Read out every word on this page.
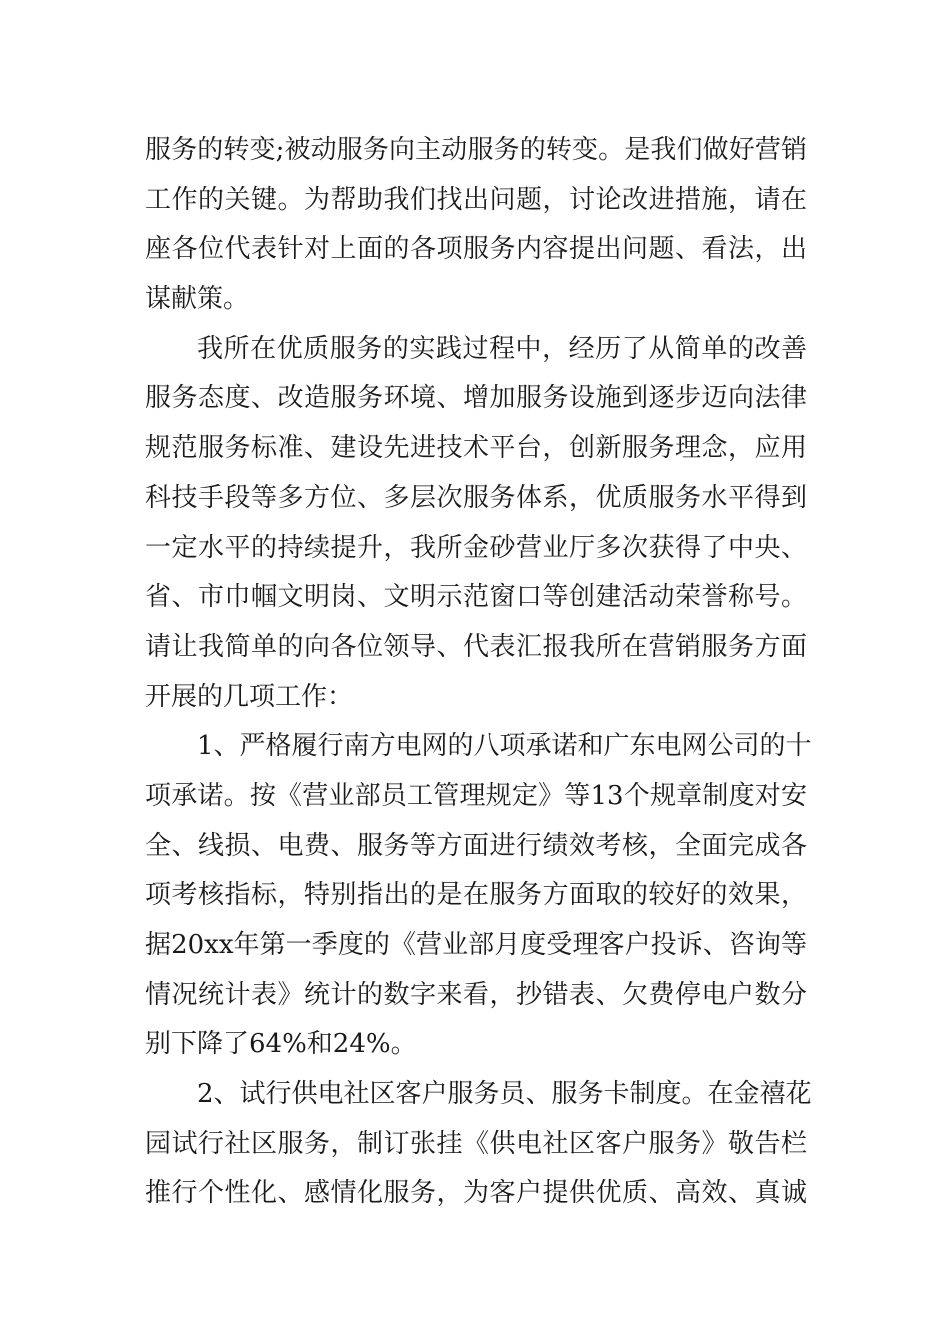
服务的转变;被动服务向主动服务的转变。是我们做好营销
工作的关键。为帮助我们找出问题，讨论改进措施，请在
座各位代表针对上面的各项服务内容提出问题、看法，出
谋献策。
我所在优质服务的实践过程中，经历了从简单的改善
服务态度、改造服务环境、增加服务设施到逐步迈向法律
规范服务标准、建设先进技术平台，创新服务理念，应用
科技手段等多方位、多层次服务体系，优质服务水平得到
一定水平的持续提升，我所金砂营业厅多次获得了中央、
省、市巾帼文明岗、文明示范窗口等创建活动荣誉称号。
请让我简单的向各位领导、代表汇报我所在营销服务方面
开展的几项工作：
1、严格履行南方电网的八项承诺和广东电网公司的十
项承诺。按《营业部员工管理规定》等13个规章制度对安
全、线损、电费、服务等方面进行绩效考核，全面完成各
项考核指标，特别指出的是在服务方面取的较好的效果，
据20xx年第一季度的《营业部月度受理客户投诉、咨询等
情况统计表》统计的数字来看，抄错表、欠费停电户数分
别下降了64%和24%。
2、试行供电社区客户服务员、服务卡制度。在金禧花
园试行社区服务，制订张挂《供电社区客户服务》敬告栏
推行个性化、感情化服务，为客户提供优质、高效、真诚
